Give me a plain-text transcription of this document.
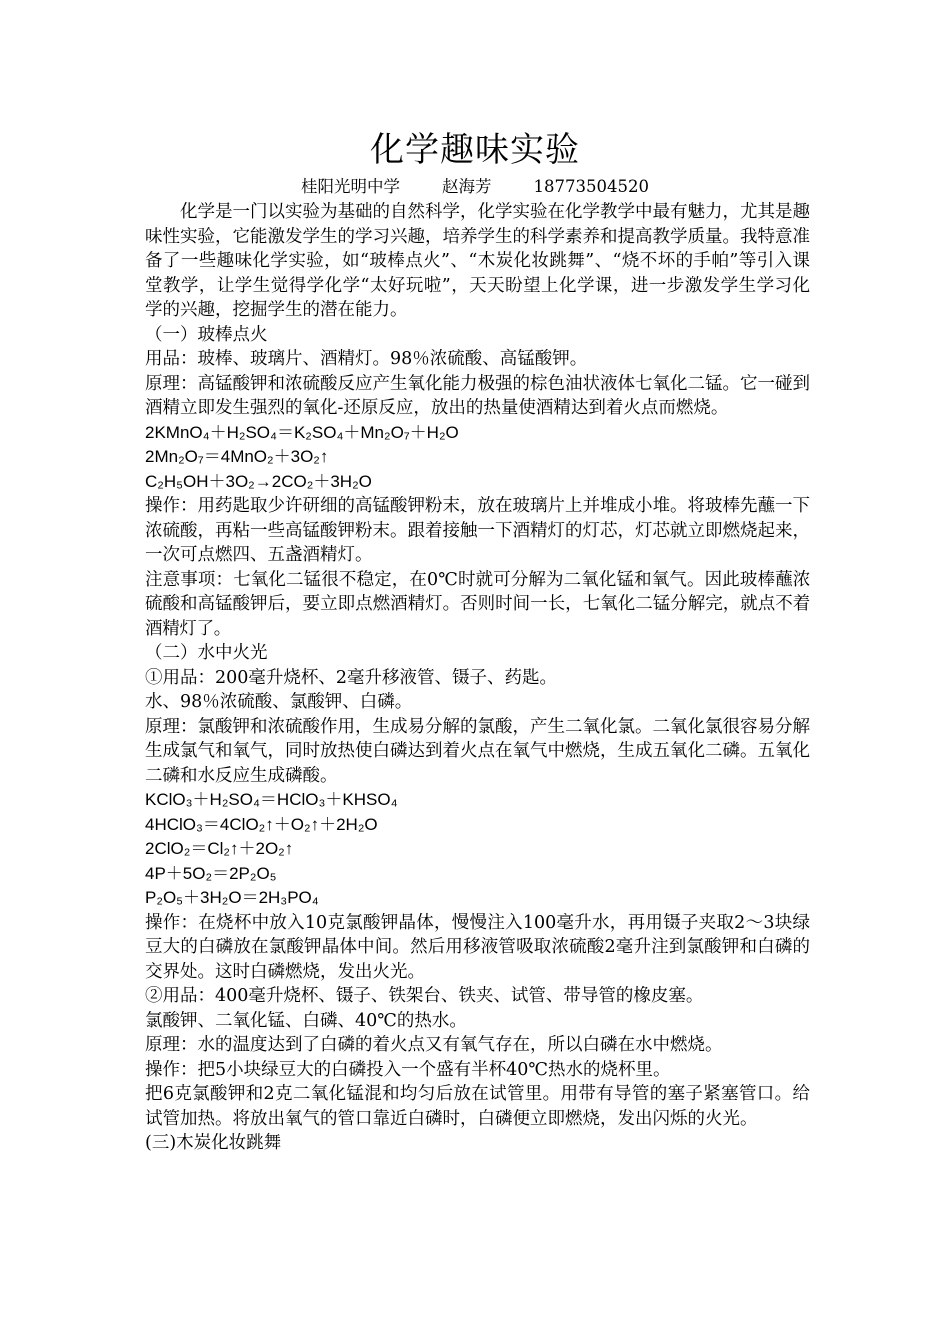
化学趣味实验
桂阳光明中学        赵海芳        18773504520

化学是一门以实验为基础的自然科学，化学实验在化学教学中最有魅力，尤其是趣味性实验，它能激发学生的学习兴趣，培养学生的科学素养和提高教学质量。我特意准备了一些趣味化学实验，如“玻棒点火”、“木炭化妆跳舞”、“烧不坏的手帕”等引入课堂教学，让学生觉得学化学“太好玩啦”，天天盼望上化学课，进一步激发学生学习化学的兴趣，挖掘学生的潜在能力。

（一）玻棒点火

用品：玻棒、玻璃片、酒精灯。98％浓硫酸、高锰酸钾。

原理：高锰酸钾和浓硫酸反应产生氧化能力极强的棕色油状液体七氧化二锰。它一碰到酒精立即发生强烈的氧化-还原反应，放出的热量使酒精达到着火点而燃烧。

2KMnO₄＋H₂SO₄＝K₂SO₄＋Mn₂O₇＋H₂O

2Mn₂O₇＝4MnO₂＋3O₂↑

C₂H₅OH＋3O₂→2CO₂＋3H₂O

操作：用药匙取少许研细的高锰酸钾粉末，放在玻璃片上并堆成小堆。将玻棒先蘸一下浓硫酸，再粘一些高锰酸钾粉末。跟着接触一下酒精灯的灯芯，灯芯就立即燃烧起来，一次可点燃四、五盏酒精灯。

注意事项：七氧化二锰很不稳定，在0℃时就可分解为二氧化锰和氧气。因此玻棒蘸浓硫酸和高锰酸钾后，要立即点燃酒精灯。否则时间一长，七氧化二锰分解完，就点不着酒精灯了。

（二）水中火光

①用品：200毫升烧杯、2毫升移液管、镊子、药匙。

水、98％浓硫酸、氯酸钾、白磷。

原理：氯酸钾和浓硫酸作用，生成易分解的氯酸，产生二氧化氯。二氧化氯很容易分解生成氯气和氧气，同时放热使白磷达到着火点在氧气中燃烧，生成五氧化二磷。五氧化二磷和水反应生成磷酸。

KClO₃＋H₂SO₄＝HClO₃＋KHSO₄

4HClO₃＝4ClO₂↑＋O₂↑＋2H₂O

2ClO₂＝Cl₂↑＋2O₂↑

4P＋5O₂＝2P₂O₅

P₂O₅＋3H₂O＝2H₃PO₄

操作：在烧杯中放入10克氯酸钾晶体，慢慢注入100毫升水，再用镊子夹取2～3块绿豆大的白磷放在氯酸钾晶体中间。然后用移液管吸取浓硫酸2毫升注到氯酸钾和白磷的交界处。这时白磷燃烧，发出火光。

②用品：400毫升烧杯、镊子、铁架台、铁夹、试管、带导管的橡皮塞。

氯酸钾、二氧化锰、白磷、40℃的热水。

原理：水的温度达到了白磷的着火点又有氧气存在，所以白磷在水中燃烧。

操作：把5小块绿豆大的白磷投入一个盛有半杯40℃热水的烧杯里。

把6克氯酸钾和2克二氧化锰混和均匀后放在试管里。用带有导管的塞子紧塞管口。给试管加热。将放出氧气的管口靠近白磷时，白磷便立即燃烧，发出闪烁的火光。

(三)木炭化妆跳舞
